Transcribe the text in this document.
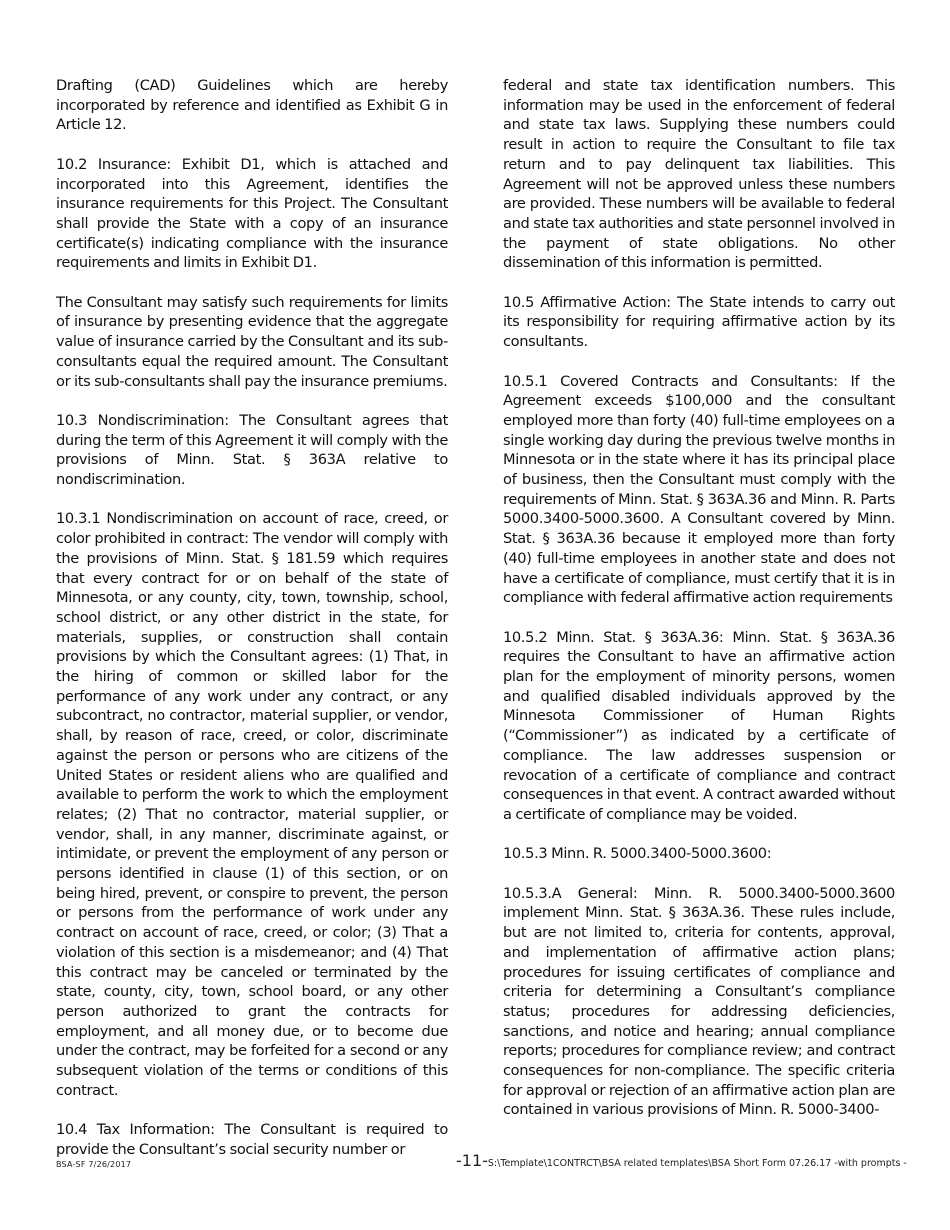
Drafting (CAD) Guidelines which are hereby incorporated by reference and identified as Exhibit G in Article 12.

10.2 Insurance: Exhibit D1, which is attached and incorporated into this Agreement, identifies the insurance requirements for this Project. The Consultant shall provide the State with a copy of an insurance certificate(s) indicating compliance with the insurance requirements and limits in Exhibit D1.

The Consultant may satisfy such requirements for limits of insurance by presenting evidence that the aggregate value of insurance carried by the Consultant and its sub-consultants equal the required amount. The Consultant or its sub-consultants shall pay the insurance premiums.

10.3 Nondiscrimination: The Consultant agrees that during the term of this Agreement it will comply with the provisions of Minn. Stat. § 363A relative to nondiscrimination.

10.3.1 Nondiscrimination on account of race, creed, or color prohibited in contract: The vendor will comply with the provisions of Minn. Stat. § 181.59 which requires that every contract for or on behalf of the state of Minnesota, or any county, city, town, township, school, school district, or any other district in the state, for materials, supplies, or construction shall contain provisions by which the Consultant agrees: (1) That, in the hiring of common or skilled labor for the performance of any work under any contract, or any subcontract, no contractor, material supplier, or vendor, shall, by reason of race, creed, or color, discriminate against the person or persons who are citizens of the United States or resident aliens who are qualified and available to perform the work to which the employment relates; (2) That no contractor, material supplier, or vendor, shall, in any manner, discriminate against, or intimidate, or prevent the employment of any person or persons identified in clause (1) of this section, or on being hired, prevent, or conspire to prevent, the person or persons from the performance of work under any contract on account of race, creed, or color; (3) That a violation of this section is a misdemeanor; and (4) That this contract may be canceled or terminated by the state, county, city, town, school board, or any other person authorized to grant the contracts for employment, and all money due, or to become due under the contract, may be forfeited for a second or any subsequent violation of the terms or conditions of this contract.

10.4 Tax Information: The Consultant is required to provide the Consultant’s social security number or

federal and state tax identification numbers. This information may be used in the enforcement of federal and state tax laws. Supplying these numbers could result in action to require the Consultant to file tax return and to pay delinquent tax liabilities. This Agreement will not be approved unless these numbers are provided. These numbers will be available to federal and state tax authorities and state personnel involved in the payment of state obligations. No other dissemination of this information is permitted.

10.5 Affirmative Action: The State intends to carry out its responsibility for requiring affirmative action by its consultants.

10.5.1 Covered Contracts and Consultants: If the Agreement exceeds $100,000 and the consultant employed more than forty (40) full-time employees on a single working day during the previous twelve months in Minnesota or in the state where it has its principal place of business, then the Consultant must comply with the requirements of Minn. Stat. § 363A.36 and Minn. R. Parts 5000.3400-5000.3600. A Consultant covered by Minn. Stat. § 363A.36 because it employed more than forty (40) full-time employees in another state and does not have a certificate of compliance, must certify that it is in compliance with federal affirmative action requirements

10.5.2 Minn. Stat. § 363A.36: Minn. Stat. § 363A.36 requires the Consultant to have an affirmative action plan for the employment of minority persons, women and qualified disabled individuals approved by the Minnesota Commissioner of Human Rights (“Commissioner”) as indicated by a certificate of compliance. The law addresses suspension or revocation of a certificate of compliance and contract consequences in that event. A contract awarded without a certificate of compliance may be voided.

10.5.3 Minn. R. 5000.3400-5000.3600:

10.5.3.A General: Minn. R. 5000.3400-5000.3600 implement Minn. Stat. § 363A.36. These rules include, but are not limited to, criteria for contents, approval, and implementation of affirmative action plans; procedures for issuing certificates of compliance and criteria for determining a Consultant’s compliance status; procedures for addressing deficiencies, sanctions, and notice and hearing; annual compliance reports; procedures for compliance review; and contract consequences for non-compliance. The specific criteria for approval or rejection of an affirmative action plan are contained in various provisions of Minn. R. 5000-3400-

BSA-SF 7/26/2017	-11-S:\Template\1CONTRCT\BSA related templates\BSA Short Form 07.26.17 -with prompts -
